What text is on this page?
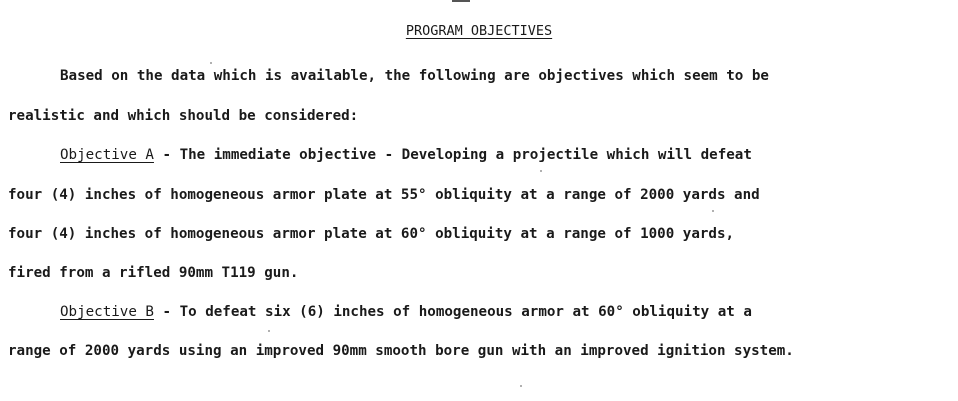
PROGRAM OBJECTIVES
Based on the data which is available, the following are objectives which seem to be
realistic and which should be considered:
Objective A - The immediate objective - Developing a projectile which will defeat
four (4) inches of homogeneous armor plate at 55° obliquity at a range of 2000 yards and
four (4) inches of homogeneous armor plate at 60° obliquity at a range of 1000 yards,
fired from a rifled 90mm T119 gun.
Objective B - To defeat six (6) inches of homogeneous armor at 60° obliquity at a
range of 2000 yards using an improved 90mm smooth bore gun with an improved ignition system.
